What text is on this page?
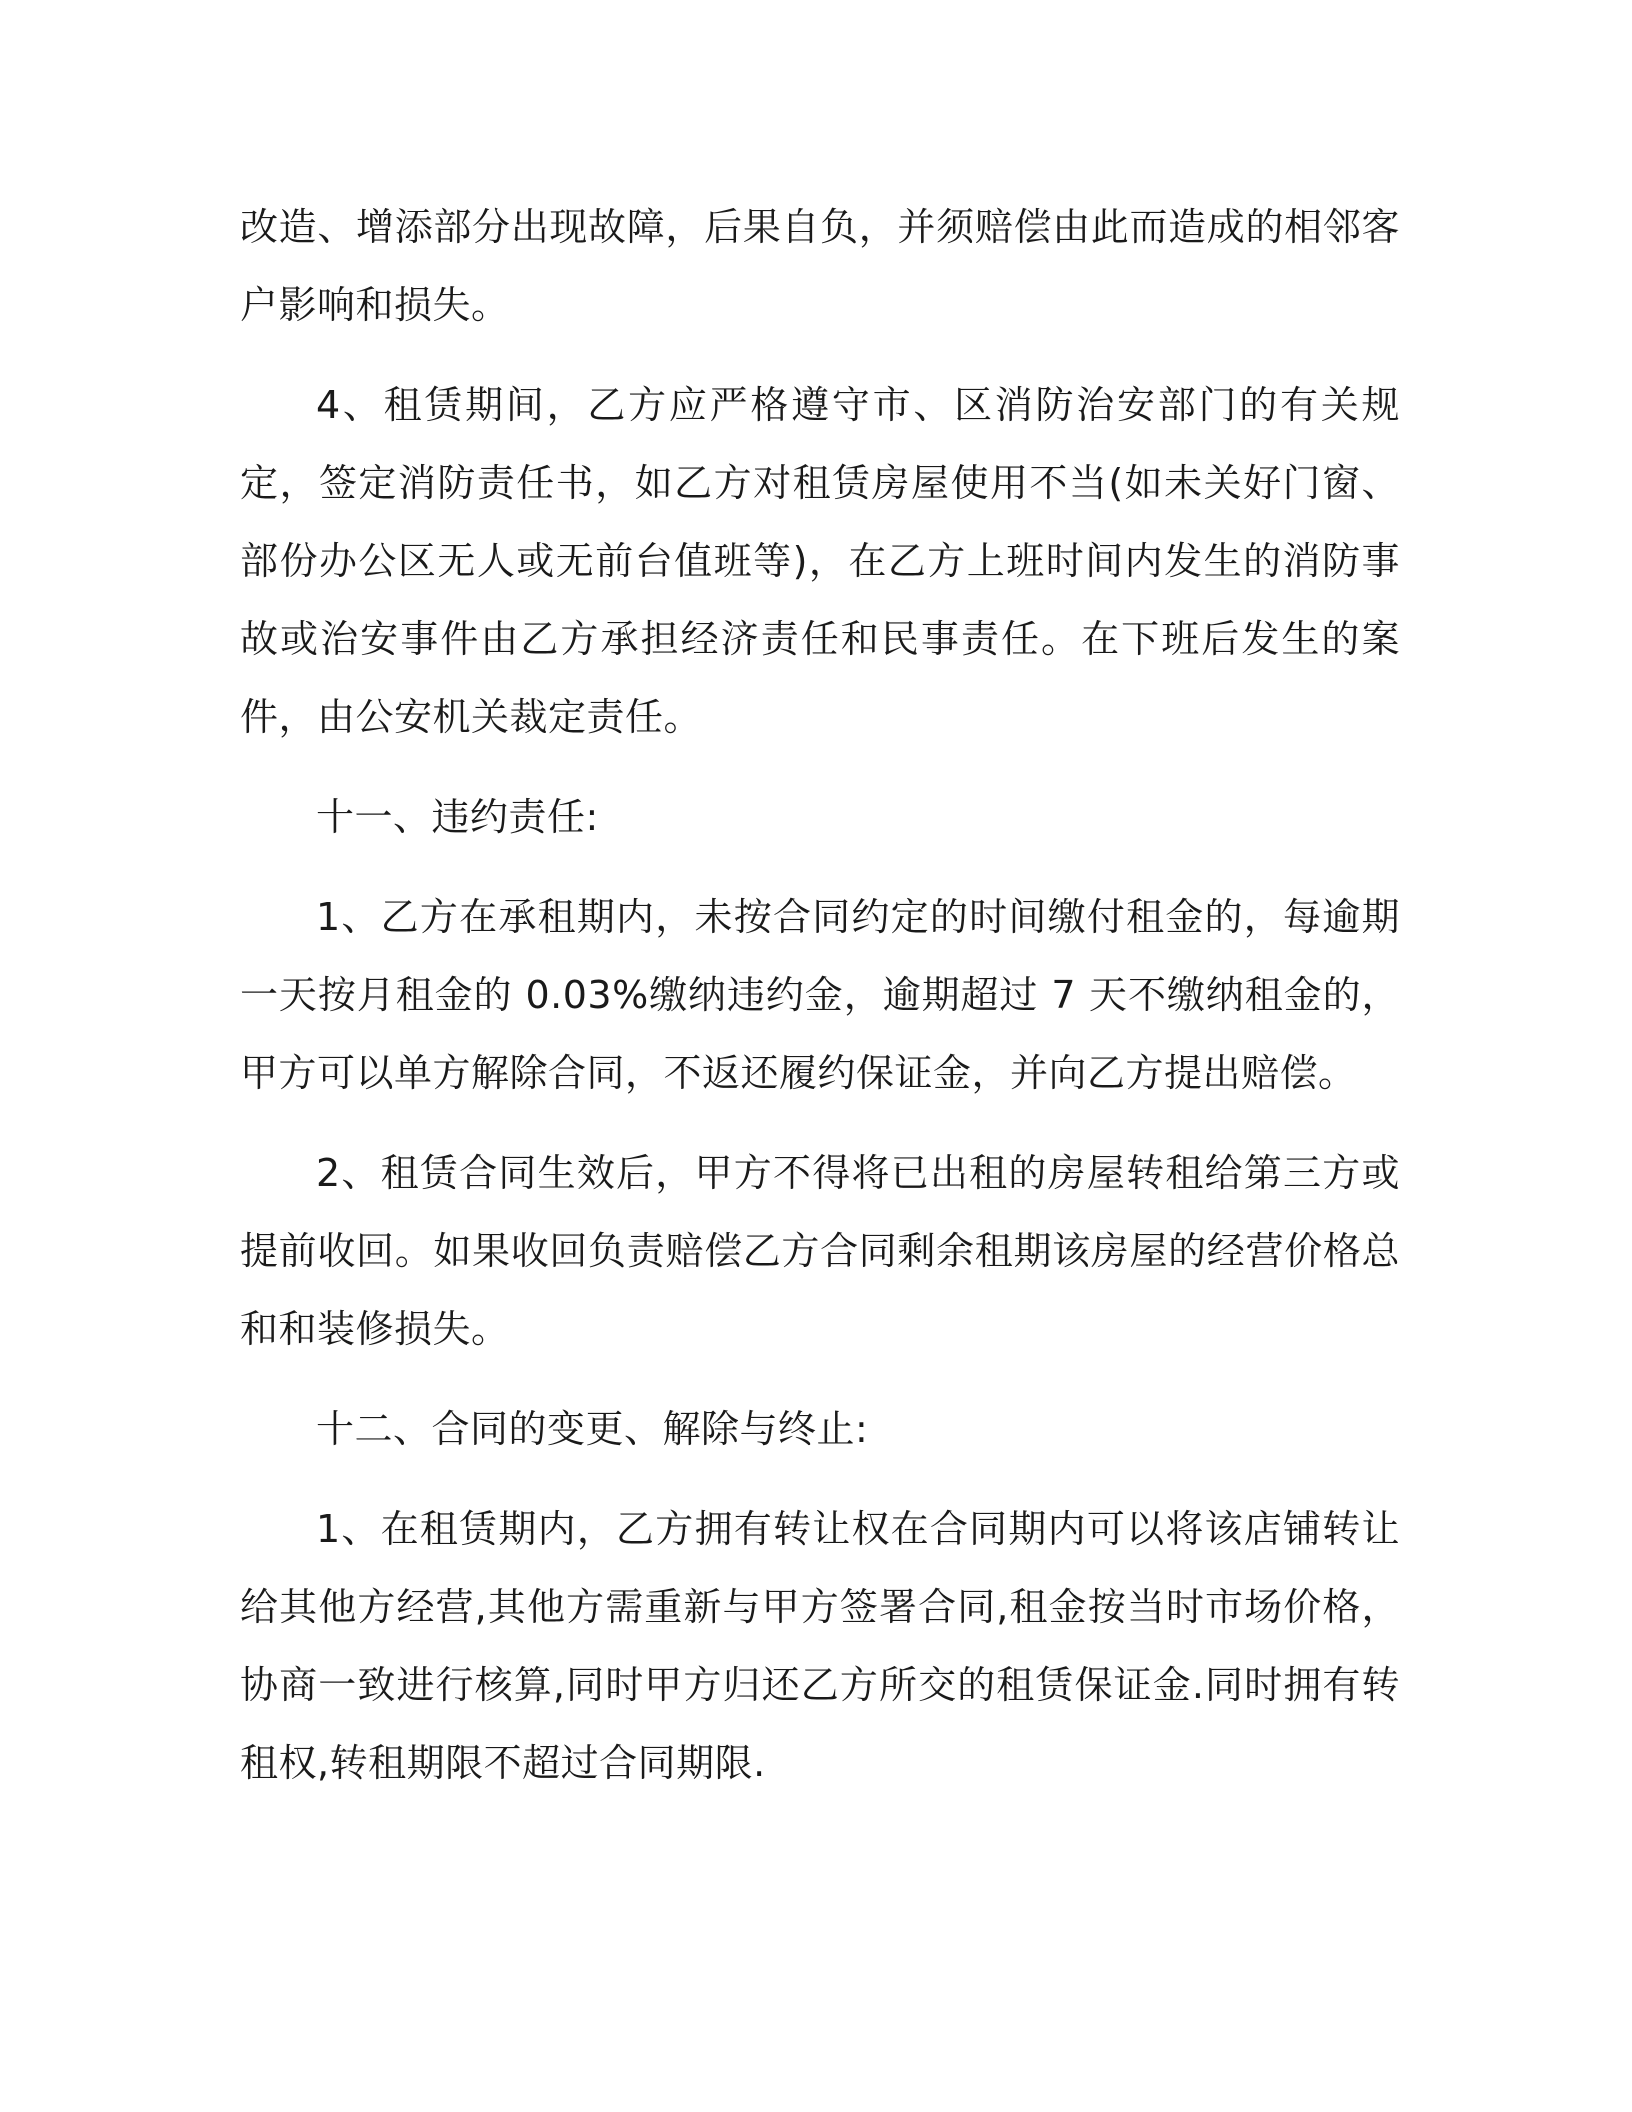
改造、增添部分出现故障，后果自负，并须赔偿由此而造成的相邻客户影响和损失。

4、租赁期间，乙方应严格遵守市、区消防治安部门的有关规定，签定消防责任书，如乙方对租赁房屋使用不当(如未关好门窗、部份办公区无人或无前台值班等)，在乙方上班时间内发生的消防事故或治安事件由乙方承担经济责任和民事责任。在下班后发生的案件，由公安机关裁定责任。

十一、违约责任:

1、乙方在承租期内，未按合同约定的时间缴付租金的，每逾期一天按月租金的 0.03%缴纳违约金，逾期超过 7 天不缴纳租金的，甲方可以单方解除合同，不返还履约保证金，并向乙方提出赔偿。

2、租赁合同生效后，甲方不得将已出租的房屋转租给第三方或提前收回。如果收回负责赔偿乙方合同剩余租期该房屋的经营价格总和和装修损失。

十二、合同的变更、解除与终止:

1、在租赁期内，乙方拥有转让权在合同期内可以将该店铺转让给其他方经营,其他方需重新与甲方签署合同,租金按当时市场价格，协商一致进行核算,同时甲方归还乙方所交的租赁保证金.同时拥有转租权,转租期限不超过合同期限.
